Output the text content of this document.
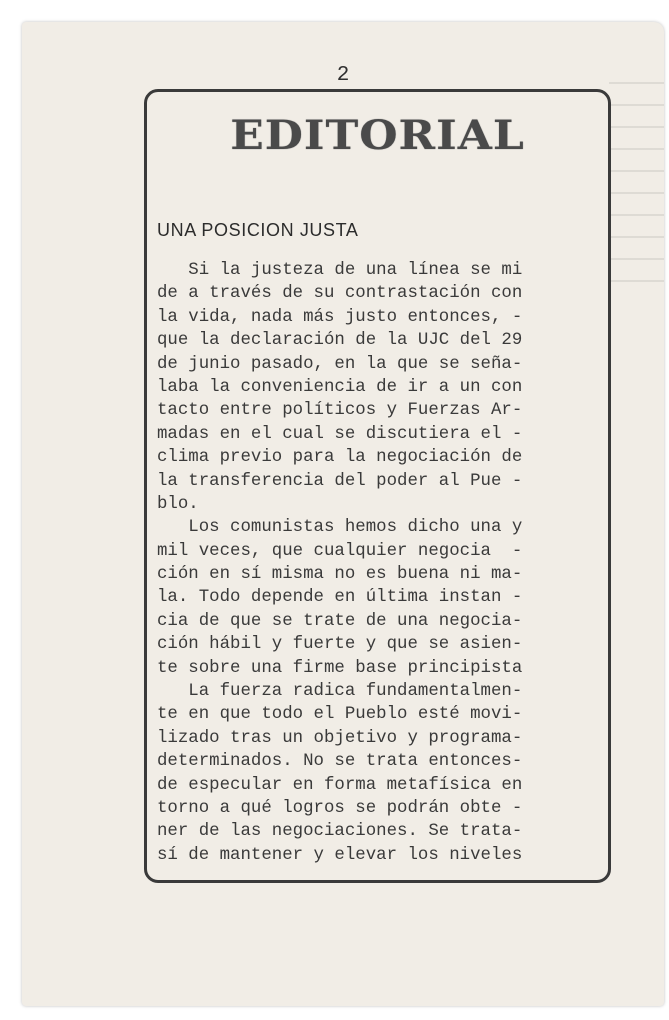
2
EDITORIAL
UNA POSICION JUSTA
Si la justeza de una línea se mi
de a través de su contrastación con
la vida, nada más justo entonces, -
que la declaración de la UJC del 29
de junio pasado, en la que se seña-
laba la conveniencia de ir a un con
tacto entre políticos y Fuerzas Ar-
madas en el cual se discutiera el -
clima previo para la negociación de
la transferencia del poder al Pue -
blo.
Los comunistas hemos dicho una y
mil veces, que cualquier negocia  -
ción en sí misma no es buena ni ma-
la. Todo depende en última instan -
cia de que se trate de una negocia-
ción hábil y fuerte y que se asien-
te sobre una firme base principista
La fuerza radica fundamentalmen-
te en que todo el Pueblo esté movi-
lizado tras un objetivo y programa-
determinados. No se trata entonces-
de especular en forma metafísica en
torno a qué logros se podrán obte -
ner de las negociaciones. Se trata-
sí de mantener y elevar los niveles
